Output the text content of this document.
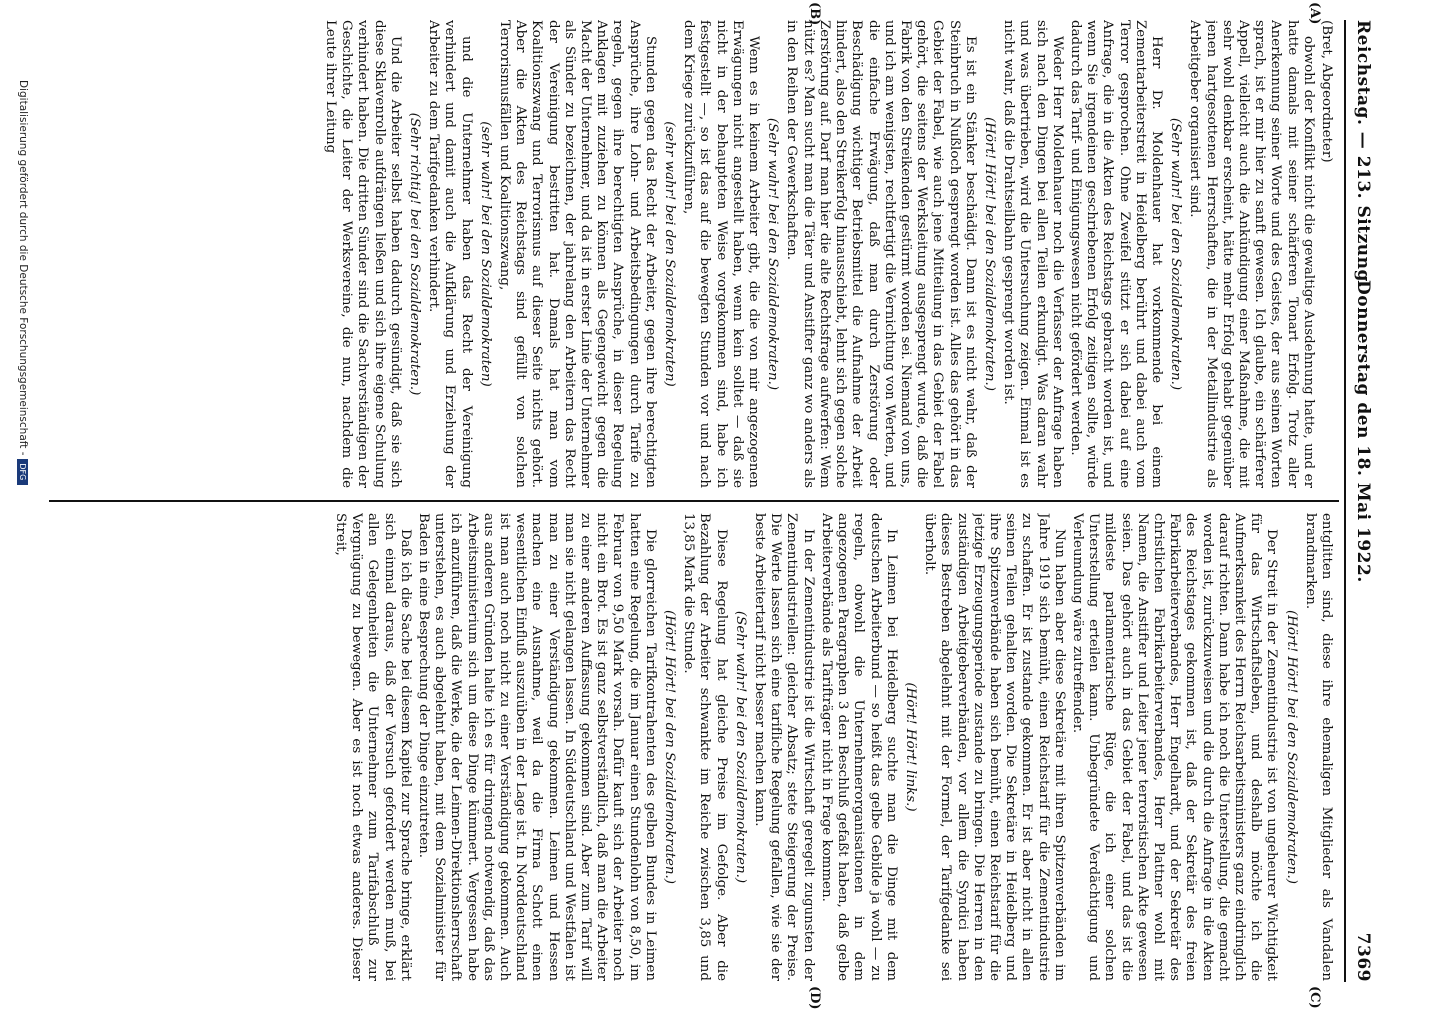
Reichstag. — 213. Sitzung.
7369
Donnerstag den 18. Mai 1922.
(A)
(B)
(C)
(D)

(Bret, Abgeordneter)

obwohl der Konflikt nicht die gewaltige Ausdehnung hatte, und er hatte damals mit seiner schärferen Tonart Erfolg. Trotz aller Anerkennung seiner Worte und des Geistes, der aus seinen Worten sprach, ist er mir hier zu sanft gewesen. Ich glaube, ein schärferer Appell, vielleicht auch die Ankündigung einer Maßnahme, die mit sehr wohl denkbar erscheint, hätte mehr Erfolg gehabt gegenüber jenen hartgesottenen Herrschaften, die in der Metallindustrie als Arbeitgeber organisiert sind.

(Sehr wahr! bei den Sozialdemokraten.)

Herr Dr. Moldenhauer hat vorkommende bei einem Zementarbeiterstreit in Heidelberg berührt und dabei auch vom Terror gesprochen. Ohne Zweifel stützt er sich dabei auf eine Anfrage, die in die Akten des Reichstags gebracht worden ist, und wenn Sie irgendeinen geschriebenen Erfolg zeitigen sollte, würde dadurch das Tarif- und Einigungswesen nicht gefördert werden.

Weder Herr Moldenhauer noch die Verfasser der Anfrage haben sich nach den Dingen bei allen Teilen erkundigt. Was daran wahr und was übertrieben, wird die Untersuchung zeigen. Einmal ist es nicht wahr, daß die Drahtseilbahn gesprengt worden ist.

(Hört! Hört! bei den Sozialdemokraten.)

Es ist ein Stänker beschädigt. Dann ist es nicht wahr, daß der Steinbruch in Nußloch gesprengt worden ist. Alles das gehört in das Gebiet der Fabel, wie auch jene Mitteilung in das Gebiet der Fabel gehört, die seitens der Werksleitung ausgesprengt wurde, daß die Fabrik von den Streikenden gestürmt worden sei. Niemand von uns, und ich am wenigsten, rechtfertigt die Vernichtung von Werten, und die einfache Erwägung, daß man durch Zerstörung oder Beschädigung wichtiger Betriebsmittel die Aufnahme der Arbeit hindert, also den Streikerfolg hinausschiebt, lehnt sich gegen solche Zerstörung auf. Darf man hier die alte Rechtsfrage aufwerfen: Wem nützt es? Man sucht man die Täter und Anstifter ganz wo anders als in den Reihen der Gewerkschaften.

(Sehr wahr! bei den Sozialdemokraten.)

Wenn es in keinem Arbeiter gibt, die die von mir angezogenen Erwägungen nicht angestellt haben, wenn kein solltet — daß sie nicht in der behaupteten Weise vorgekommen sind, habe ich festgestellt —, so ist das auf die bewegten Stunden vor und nach dem Kriege zurückzuführen,

(sehr wahr! bei den Sozialdemokraten)

Stunden gegen das Recht der Arbeiter, gegen ihre berechtigten Ansprüche, ihre Lohn- und Arbeitsbedingungen durch Tarife zu regeln, gegen ihre berechtigten Ansprüche, in dieser Regelung Anklagen mit zuziehen zu können als Gegengewicht gegen die Macht der Unternehmer, und da ist in erster Linie der Unternehmer als Sünder zu bezeichnen, der jahrelang den Arbeitern das Recht der Vereinigung bestritten hat. Damals hat man vom Koalitionszwang und Terrorismus auf dieser Seite nichts gehört. Aber die Akten des Reichstags sind gefüllt von solchen Terrorismusfällen und Koalitionszwang,

(sehr wahr! bei den Sozialdemokraten)

und die Unternehmer haben das Recht der Vereinigung verhindert und damit auch die Aufklärung und Erziehung der Arbeiter zu dem Tarifgedanken verhindert.

(Sehr richtig! bei den Sozialdemokraten.)

Und die Arbeiter selbst haben dadurch gesündigt, daß sie sich diese Sklavenrolle aufdrängen ließen und sich ihre eigene Schulung verhindert haben. Die dritten Sünder sind die Sachverständigen der Geschichte, die Leiter der Werksvereine, die nun, nachdem die Leute ihrer Leitung

entglitten sind, diese ihre ehemaligen Mitglieder als Vandalen brandmarken.

(Hört! Hört! bei den Sozialdemokraten.)

Der Streit in der Zementindustrie ist von ungeheurer Wichtigkeit für das Wirtschaftsleben, und deshalb möchte ich die Aufmerksamkeit des Herrn Reichsarbeitsministers ganz eindringlich darauf richten. Dann habe ich noch die Unterstellung, die gemacht worden ist, zurückzuweisen und die durch die Anfrage in die Akten des Reichstages gekommen ist, daß der Sekretär des freien Fabrikarbeiterverbandes, Herr Engelhardt, und der Sekretär des christlichen Fabrikarbeiterverbandes, Herr Plattner wohl mit Namen, die Anstifter und Leiter jener terroristischen Akte gewesen seien. Das gehört auch in das Gebiet der Fabel, und das ist die mildeste parlamentarische Rüge, die ich einer solchen Unterstellung erteilen kann. Unbegründete Verdächtigung und Verleumdung wäre zutreffender.

Nun haben aber diese Sekretäre mit ihren Spitzenverbänden im Jahre 1919 sich bemüht, einen Reichstarif für die Zementindustrie zu schaffen. Er ist zustande gekommen. Er ist aber nicht in allen seinen Teilen gehalten worden. Die Sekretäre in Heidelberg und ihre Spitzenverbände haben sich bemüht, einen Reichstarif für die jetzige Erzeugungsperiode zustande zu bringen. Die Herren in den zuständigen Arbeitgeberverbänden, vor allem die Syndici haben dieses Bestreben abgelehnt mit der Formel, der Tarifgedanke sei überholt.

(Hört! Hört! links.)

In Leimen bei Heidelberg suchte man die Dinge mit dem deutschen Arbeiterbund — so heißt das gelbe Gebilde ja wohl — zu regeln, obwohl die Unternehmerorganisationen in dem angezogenen Paragraphen 3 den Beschluß gefaßt haben, daß gelbe Arbeiterverbände als Tarifträger nicht in Frage kommen.

In der Zementindustrie ist die Wirtschaft geregelt zugunsten der Zementindustriellen: gleicher Absatz; stete Steigerung der Preise. Die Werte lassen sich eine tarifliche Regelung gefallen, wie sie der beste Arbeitertarif nicht besser machen kann.

(Sehr wahr! bei den Sozialdemokraten.)

Diese Regelung hat gleiche Preise im Gefolge. Aber die Bezahlung der Arbeiter schwankte im Reiche zwischen 3,85 und 13,85 Mark die Stunde.

(Hört! Hört! bei den Sozialdemokraten.)

Die glorreichen Tarifkontrahenten des gelben Bundes in Leimen hatten eine Regelung, die im Januar einen Stundenlohn von 8,50, im Februar von 9,50 Mark vorsah. Dafür kauft sich der Arbeiter noch nicht ein Brot. Es ist ganz selbstverständlich, daß man die Arbeiter zu einer anderen Auffassung gekommen sind. Aber zum Tarif will man sie nicht gelangen lassen. In Süddeutschland und Westfalen ist man zu einer Verständigung gekommen. Leimen und Hessen machen eine Ausnahme, weil da die Firma Schott einen wesentlichen Einfluß auszuüben in der Lage ist. In Norddeutschland ist man auch noch nicht zu einer Verständigung gekommen. Auch aus anderen Gründen halte ich es für dringend notwendig, daß das Arbeitsministerium sich um diese Dinge kümmert. Vergessen habe ich anzuführen, daß die Werke, die der Leimen-Direktionsherrschaft unterstehen, es auch abgelehnt haben, mit dem Sozialminister für Baden in eine Besprechung der Dinge einzutreten.

Daß ich die Sache bei diesem Kapitel zur Sprache bringe, erklärt sich einmal daraus, daß der Versuch gefordert werden muß, bei allen Gelegenheiten die Unternehmer zum Tarifabschluß zur Vergnügung zu bewegen. Aber es ist noch etwas anderes. Dieser Streit,

Digitalisierung gefördert durch die Deutsche Forschungsgemeinschaft - DFG
